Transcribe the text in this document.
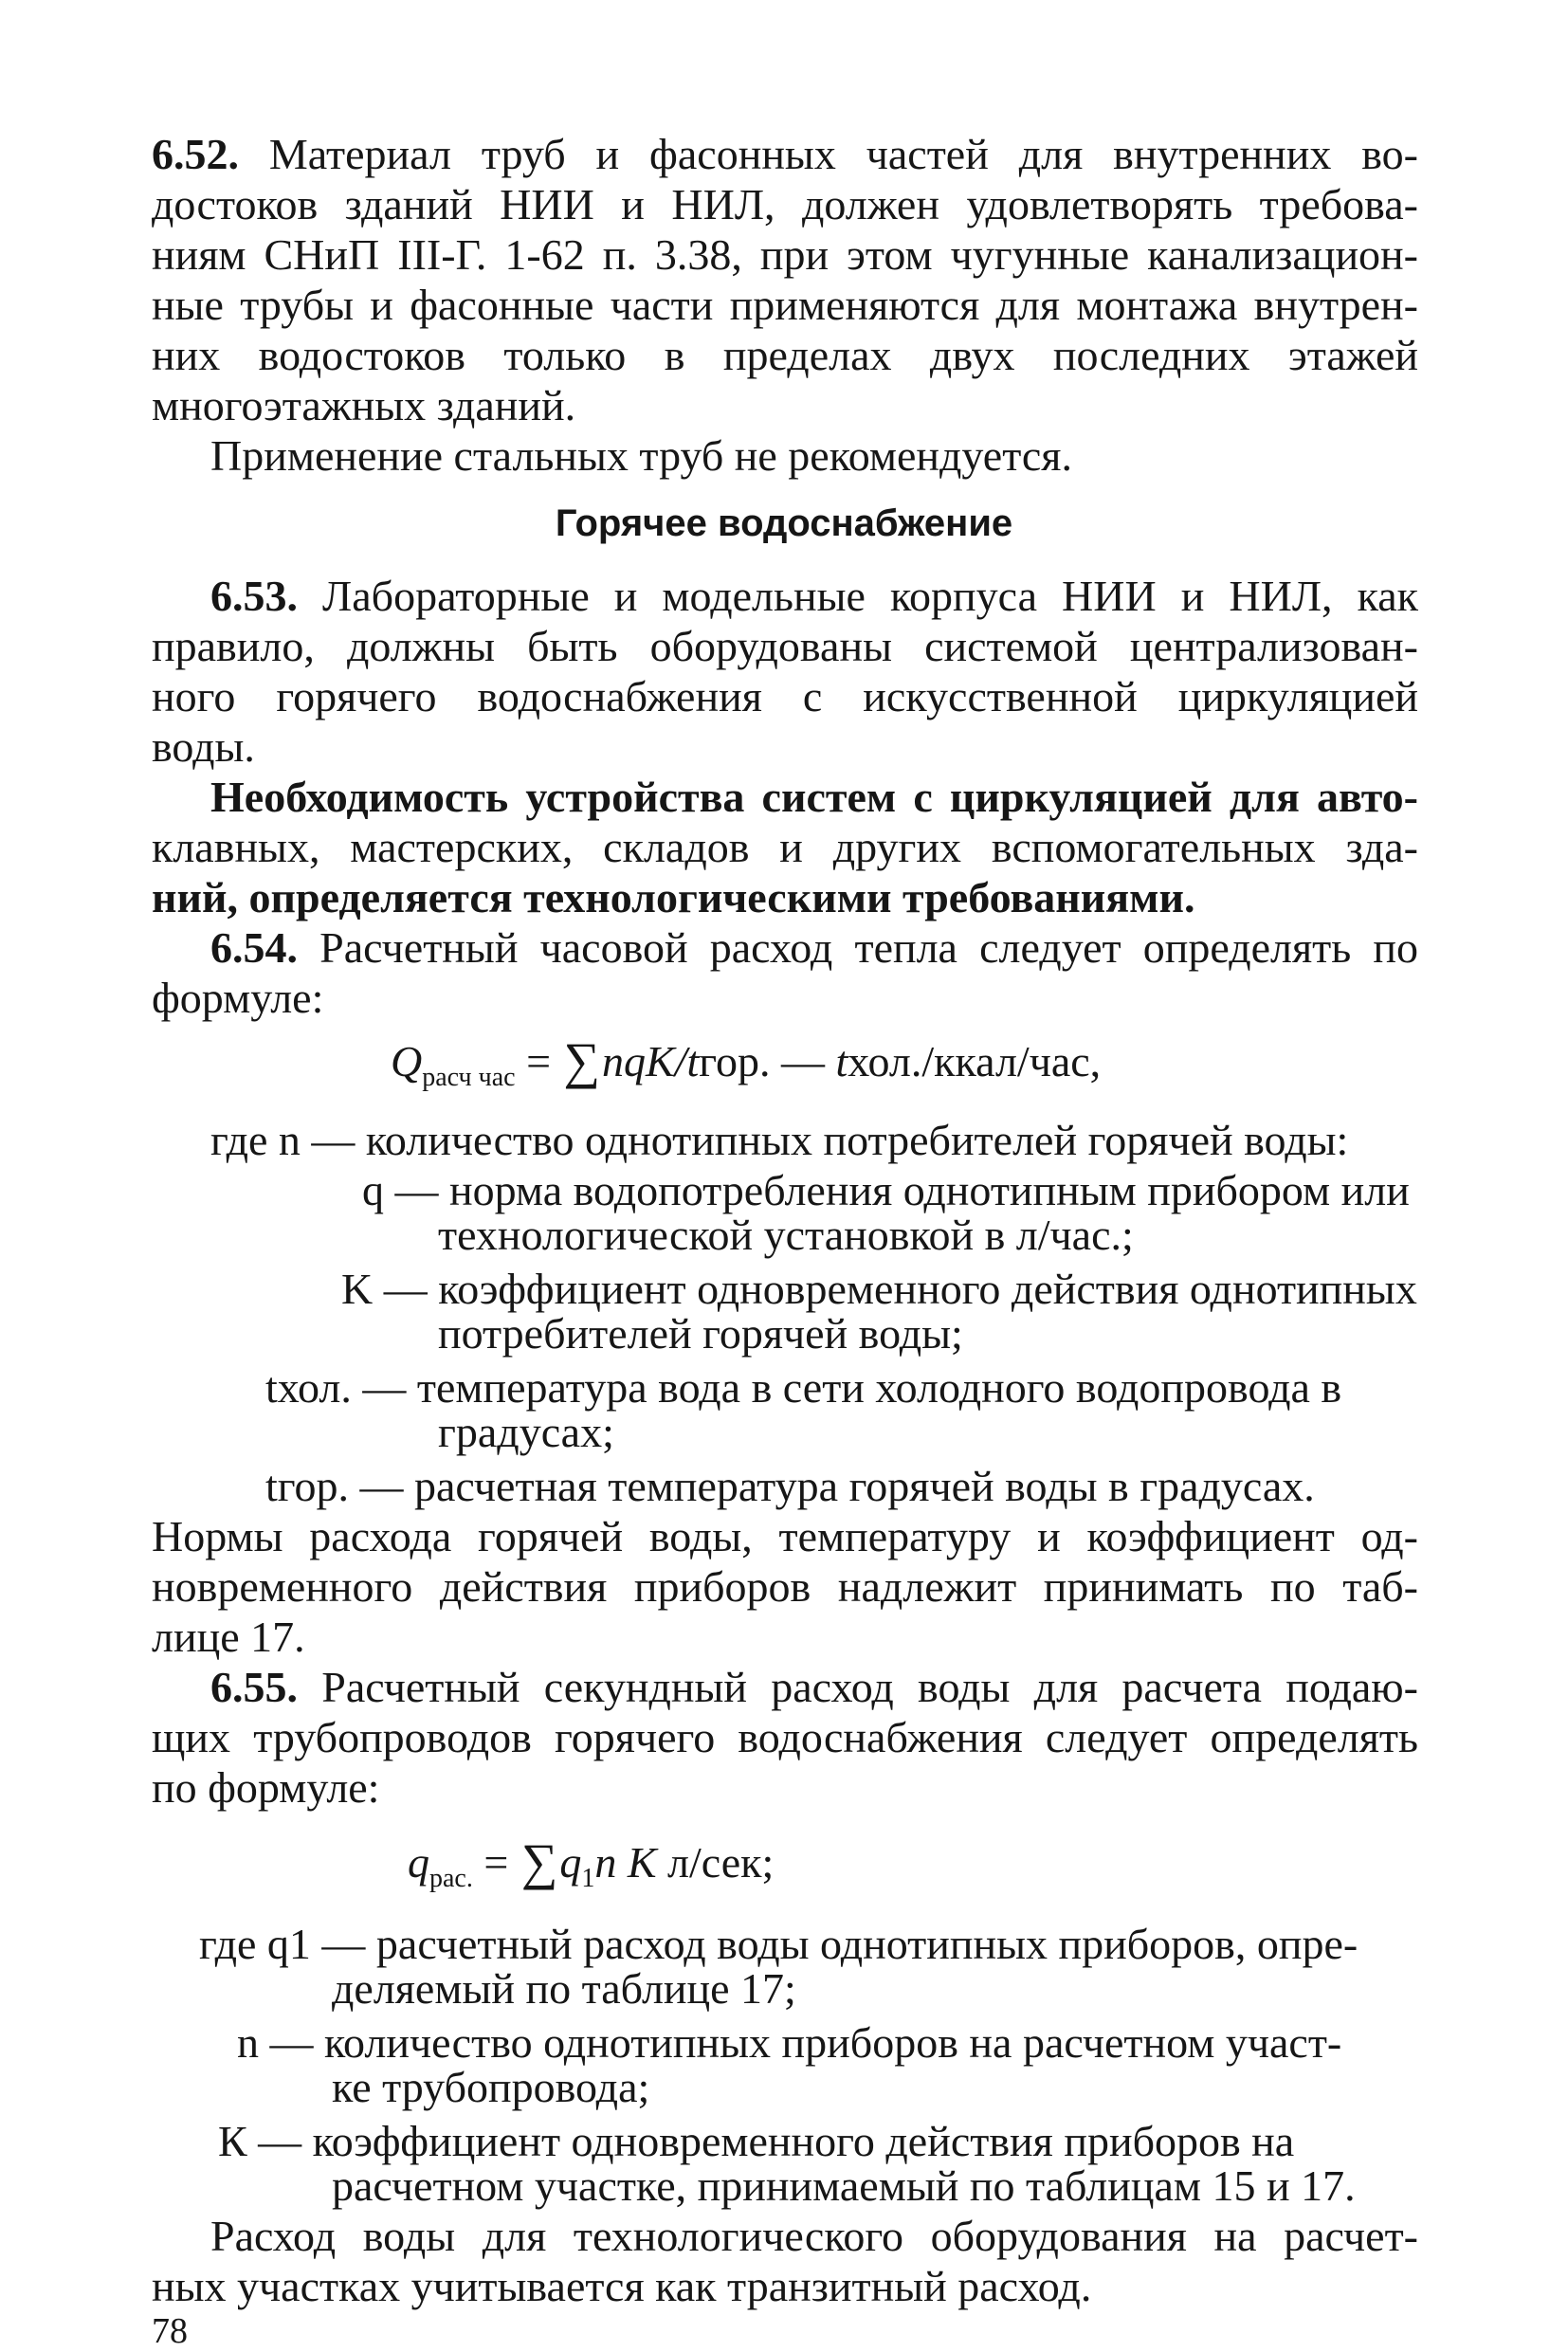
6.52. Материал труб и фасонных частей для внутренних во-
достоков зданий НИИ и НИЛ, должен удовлетворять требова-
ниям СНиП III-Г. 1-62 п. 3.38, при этом чугунные канализацион-
ные трубы и фасонные части применяются для монтажа внутрен-
них водостоков только в пределах двух последних этажей
многоэтажных зданий.
Применение стальных труб не рекомендуется.
Горячее водоснабжение
6.53. Лабораторные и модельные корпуса НИИ и НИЛ, как
правило, должны быть оборудованы системой централизован-
ного горячего водоснабжения с искусственной циркуляцией
воды.
Необходимость устройства систем с циркуляцией для авто-
клавных, мастерских, складов и других вспомогательных зда-
ний, определяется технологическими требованиями.
6.54. Расчетный часовой расход тепла следует определять по
формуле:
$Q_{расч час}$ = ∑nqK/tгор. — tхол./ккал/час,
где n — количество однотипных потребителей горячей воды:
q — норма водопотребления однотипным прибором или
технологической установкой в л/час.;
K — коэффициент одновременного действия однотипных
потребителей горячей воды;
tхол. — температура вода в сети холодного водопровода в
градусах;
tгор. — расчетная температура горячей воды в градусах.
Нормы расхода горячей воды, температуру и коэффициент од-
новременного действия приборов надлежит принимать по таб-
лице 17.
6.55. Расчетный секундный расход воды для расчета подаю-
щих трубопроводов горячего водоснабжения следует определять
по формуле:
$q_{рас.} = \sum q_1n$ K л/сек;
где q1 — расчетный расход воды однотипных приборов, опре-
деляемый по таблице 17;
n — количество однотипных приборов на расчетном участ-
ке трубопровода;
К — коэффициент одновременного действия приборов на
расчетном участке, принимаемый по таблицам 15 и 17.
Расход воды для технологического оборудования на расчет-
ных участках учитывается как транзитный расход.
78
